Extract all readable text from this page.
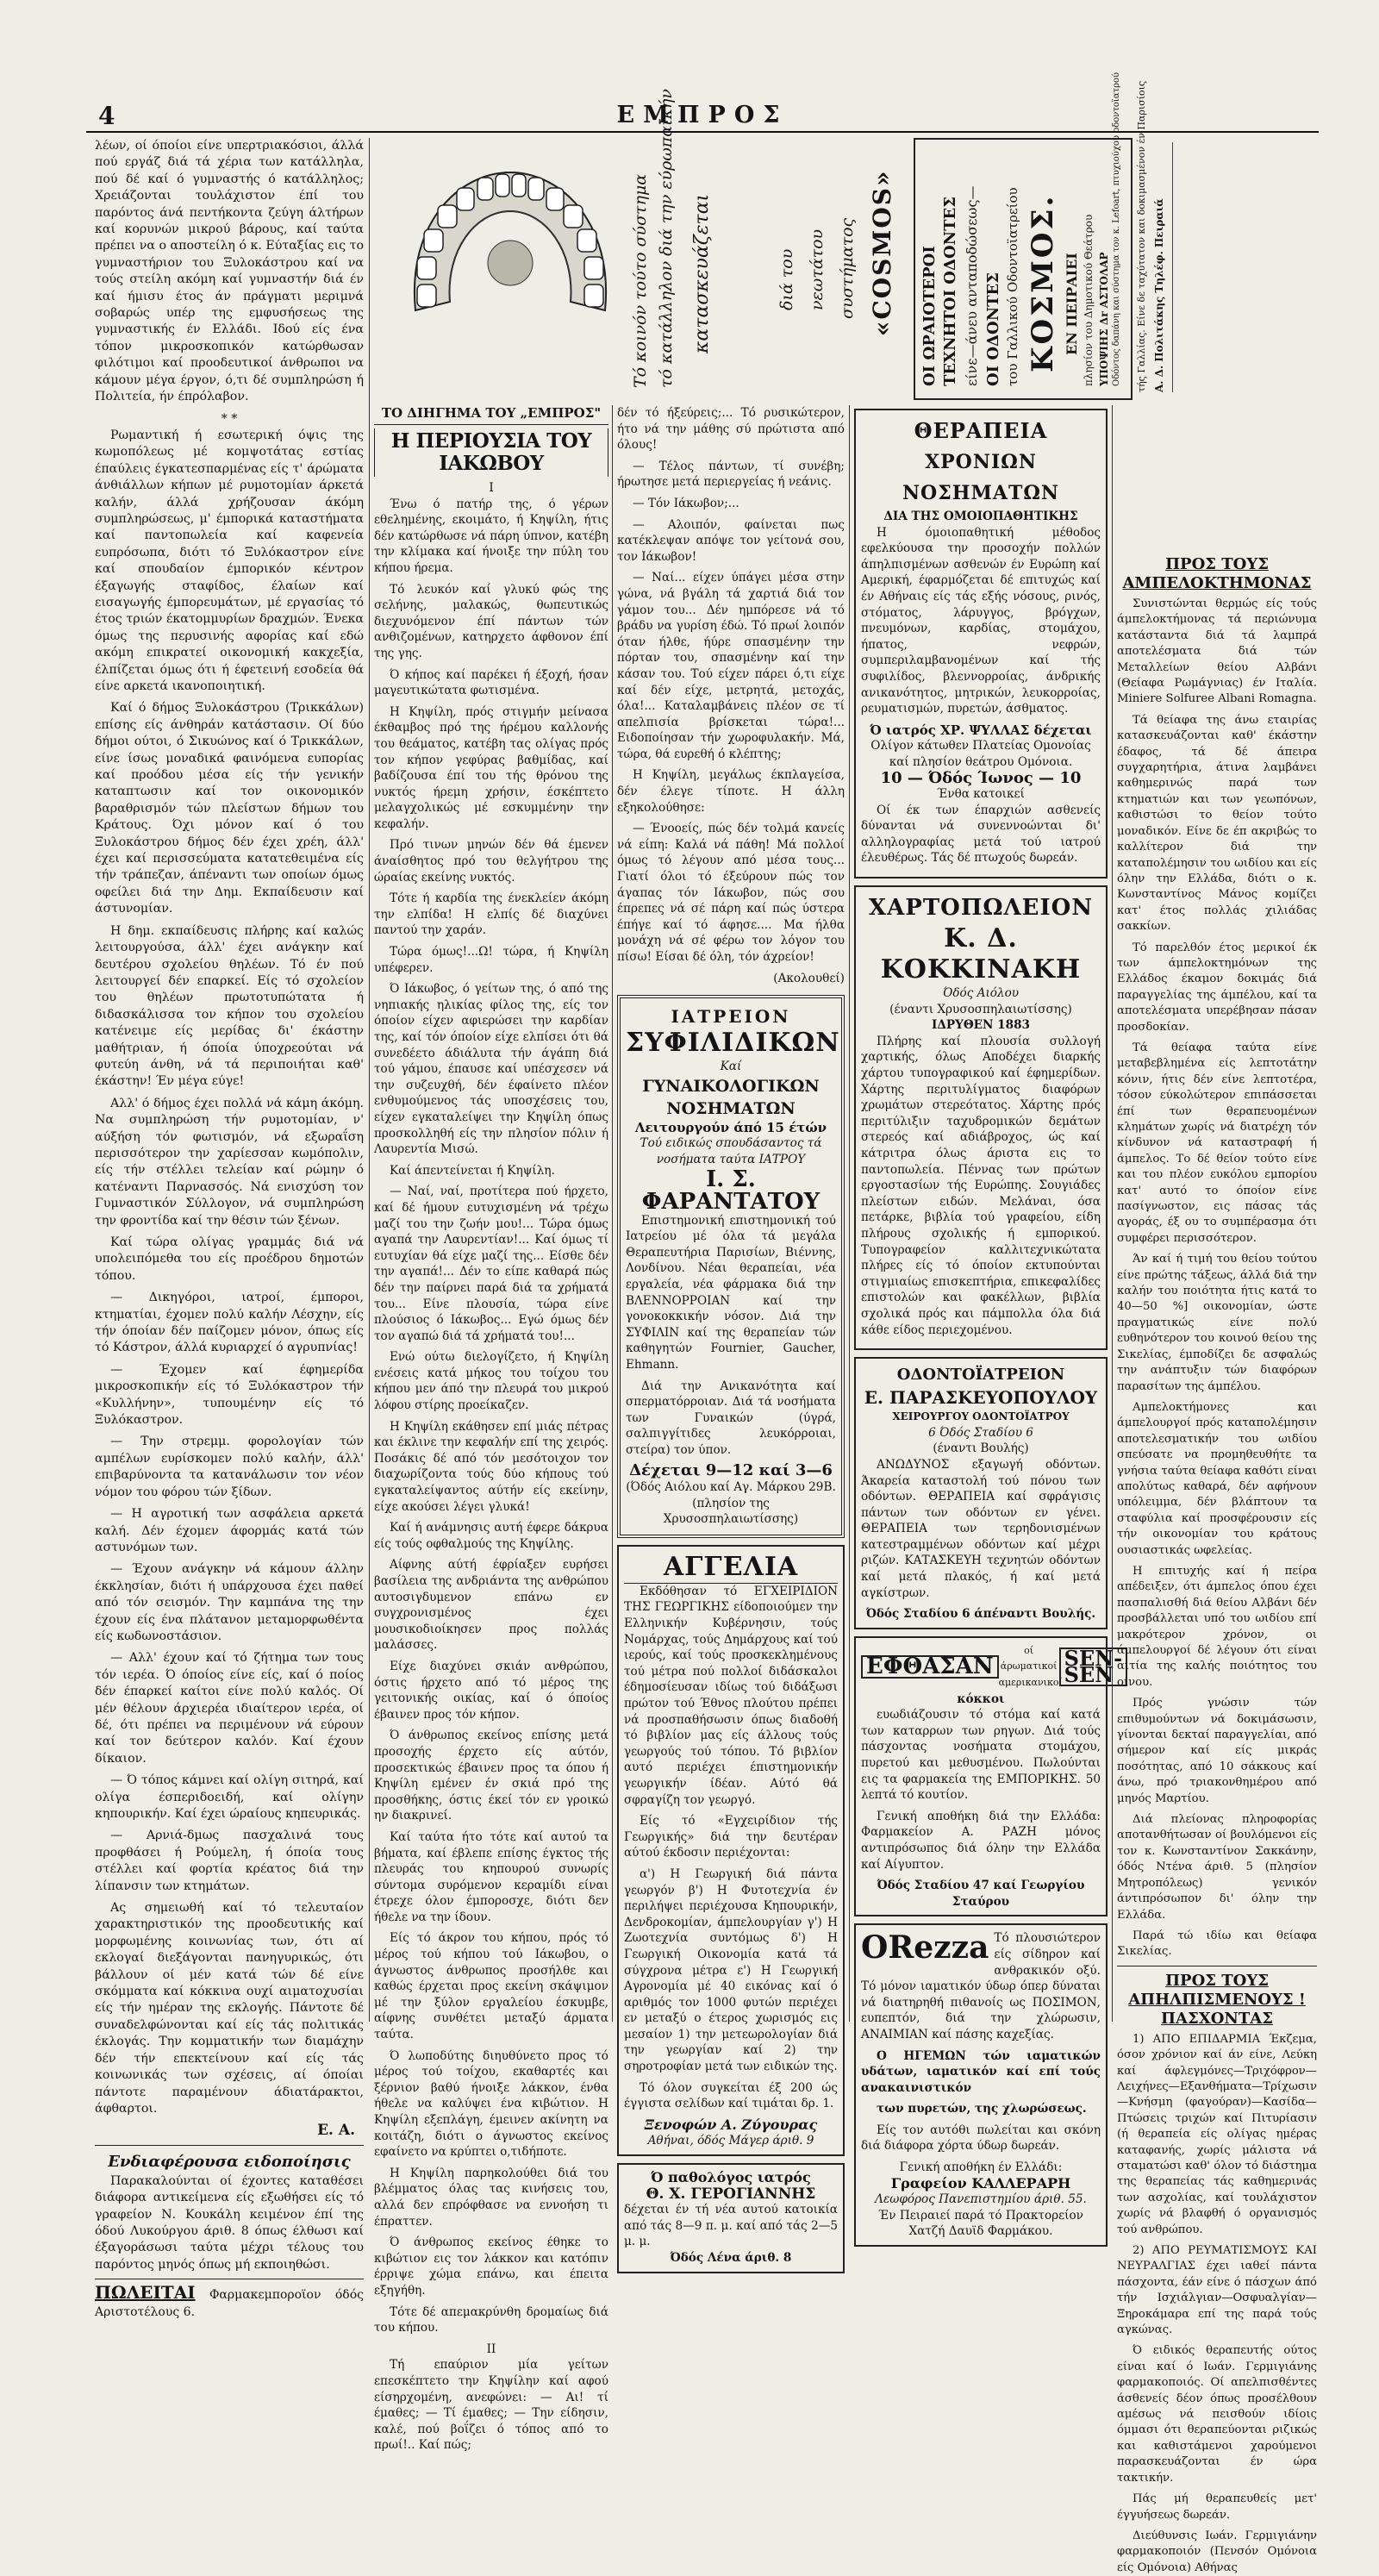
4	ΕΜΠΡΟΣ

λέων, οί όποίοι είνε υπερτριακόσιοι, άλλά πού εργάζ διά τά χέρια των κατάλληλα, πού δέ καί ό γυμναστής ό κατάλληλος; Χρειάζονται τουλάχιστον έπί του παρόντος άνά πεντήκοντα ζεύγη άλτήρων καί κορυνών μικρού βάρους, καί ταύτα πρέπει να ο αποστείλη ό κ. Εύταξίας εις το γυμναστήριον του Ξυλοκάστρου καί να τούς στείλη ακόμη καί γυμναστήν διά έν καί ήμισυ έτος άν πράγματι μεριμνά σοβαρώς υπέρ της εμφυσήσεως της γυμναστικής έν Ελλάδι. Ιδού είς ένα τόπον μικροσκοπικόν κατώρθωσαν φιλότιμοι καί προοδευτικοί άνθρωποι να κάμουν μέγα έργον, ό,τι δέ συμπληρώση ή Πολιτεία, ήν έπρόλαβον.

* *

Ρωμαντική ή εσωτερική όψις της κωμοπόλεως μέ κομψοτάτας εστίας έπαύλεις έγκατεσπαρμένας είς τ' άρώματα άνθιάλλων κήπων μέ ρυμοτομίαν άρκετά καλήν, άλλά χρήζουσαν άκόμη συμπληρώσεως, μ' έμπορικά καταστήματα καί παντοπωλεία καί καφενεία ευπρόσωπα, διότι τό Ξυλόκαστρον είνε καί σπουδαίον έμπορικόν κέντρον έξαγωγής σταφίδος, έλαίων καί εισαγωγής έμπορευμάτων, μέ εργασίας τό έτος τριών έκατομμυρίων δραχμών. Ένεκα όμως της περυσινής αφορίας καί εδώ ακόμη επικρατεί οικονομική κακχεξία, έλπίζεται όμως ότι ή έφετεινή εσοδεία θά είνε αρκετά ικανοποιητική.

Καί ό δήμος Ξυλοκάστρου (Τρικκάλων) επίσης είς άνθηράν κατάστασιν. Οί δύο δήμοι ούτοι, ό Σικυώνος καί ό Τρικκάλων, είνε ίσως μοναδικά φαινόμενα ευπορίας καί προόδου μέσα είς τήν γενικήν καταπτωσιν καί τον οικονομικόν βαραθρισμόν τών πλείστων δήμων του Κράτους. Όχι μόνον καί ό του Ξυλοκάστρου δήμος δέν έχει χρέη, άλλ' έχει καί περισσεύματα κατατεθειμένα είς τήν τράπεζαν, άπέναντι των οποίων όμως οφείλει διά την Δημ. Εκπαίδευσιν καί άστυνομίαν.

Η δημ. εκπαίδευσις πλήρης καί καλώς λειτουργούσα, άλλ' έχει ανάγκην καί δευτέρου σχολείου θηλέων. Τό έν πού λειτουργεί δέν επαρκεί. Είς τό σχολείον του θηλέων πρωτοτυπώτατα ή διδασκάλισσα τον κήπον του σχολείου κατένειμε είς μερίδας δι' έκάστην μαθήτριαν, ή όποία ύποχρεούται νά φυτεύη άνθη, νά τά περιποιήται καθ' έκάστην! Έν μέγα εύγε!

Αλλ' ό δήμος έχει πολλά νά κάμη άκόμη. Να συμπληρώση τήν ρυμοτομίαν, ν' αύξήση τόν φωτισμόν, νά εξωραΐση περισσότερον την χαρίεσσαν κωμόπολιν, είς τήν στέλλει τελείαν καί ρώμην ό κατέναντι Παρνασσός. Νά ενισχύση τον Γυμναστικόν Σύλλογον, νά συμπληρώση την φροντίδα καί την θέσιν τών ξένων.

Καί τώρα ολίγας γραμμάς διά νά υπολειπόμεθα του είς προέδρου δημοτών τόπου.

— Δικηγόροι, ιατροί, έμποροι, κτηματίαι, έχομεν πολύ καλήν Λέσχην, είς τήν όποίαν δέν παίζομεν μόνον, όπως είς τό Κάστρον, άλλά κυριαρχεί ό αγρυπνίας!

— Έχομεν καί έφημερίδα μικροσκοπικήν είς τό Ξυλόκαστρον τήν «Κυλλήνην», τυπουμένην είς τό Ξυλόκαστρον.

— Την στρεμμ. φορολογίαν τών αμπέλων ευρίσκομεν πολύ καλήν, άλλ' επιβαρύνοντα τα κατανάλωσιν τον νέον νόμον του φόρου τών ξίδων.

— Η αγροτική των ασφάλεια αρκετά καλή. Δέν έχομεν άφορμάς κατά τών αστυνόμων των.

— Έχουν ανάγκην νά κάμουν άλλην έκκλησίαν, διότι ή υπάρχουσα έχει παθεί από τόν σεισμόν. Την καμπάνα της την έχουν είς ένα πλάτανον μεταμορφωθέντα είς κωδωνοστάσιον.

— Αλλ' έχουν καί τό ζήτημα των τους τόν ιερέα. Ό όποίος είνε είς, καί ό ποίος δέν έπαρκεί καίτοι είνε πολύ καλός. Οί μέν θέλουν άρχιερέα ιδιαίτερον ιερέα, οί δέ, ότι πρέπει να περιμένουν νά εύρουν καί τον δεύτερον καλόν. Καί έχουν δίκαιον.

— Ό τόπος κάμνει καί ολίγη σιτηρά, καί ολίγα έσπεριδοειδή, καί ολίγην κηπουρικήν. Καί έχει ώραίους κηπευρικάς.

— Αρνιά-δμως πασχαλινά τους προφθάσει ή Ρούμελη, ή όποία τους στέλλει καί φορτία κρέατος διά την λίπανσιν των κτημάτων.

Ας σημειωθή καί τό τελευταίον χαρακτηριστικόν της προοδευτικής καί μορφωμένης κοινωνίας των, ότι αί εκλογαί διεξάγονται πανηγυρικώς, ότι βάλλουν οί μέν κατά τών δέ είνε σκόμματα καί κόκκινα ουχί αιματοχυσίαι είς τήν ημέραν της εκλογής. Πάντοτε δέ συναδελφώνονται καί είς τάς πολιτικάς έκλογάς. Την κομματικήν των διαμάχην δέν τήν επεκτείνουν καί είς τάς κοινωνικάς των σχέσεις, αί όποίαι πάντοτε παραμένουν άδιατάρακτοι, άφθαρτοι.

Ε. Α.
Ενδιαφέρουσα ειδοποίησις

Παρακαλούνται οί έχοντες καταθέσει διάφορα αντικείμενα είς εξωθήσει είς τό γραφείον Ν. Κουκάλη κειμένον έπί της όδού Λυκούργου άριθ. 8 όπως έλθωσι καί έξαγοράσωσι ταύτα μέχρι τέλους του παρόντος μηνός όπως μή εκποιηθώσι.

ΠΩΛΕΙΤΑΙ Φαρμακεμποροϊον όδός Αριστοτέλους 6.
Τό κοινόν τούτο σύστημα τό κατάλληλον διά την εύρωπαϊκήν κατασκευάζεται	διά του νεωτάτου συστήματος «COSMOS» ΟΙ ΩΡΑΙΟΤΕΡΟΙ ΤΕΧΝΗΤΟΙ ΟΔΟΝΤΕΣ είνε—άνευ ανταποδώσεως— ΟΙ ΟΔΟΝΤΕΣ του Γαλλικού Οδοντοϊατρείου ΚΟΣΜΟΣ. ΕΝ ΠΕΙΡΑΙΕΙ πλησίον του Δημοτικού Θεάτρου ΥΠΟΨΙΗΣ Δr ΑΣΤΟΛΑΡ Οδόντος δαπάνη και σύστημα τον κ. Lefoart, πτυχιούχου οδοντοϊατρού τής Γαλλίας. Είνε δε ταχύτατον και δοκιμασμένον έν Παρισίοις Α. Δ. Πολιτάκης Τηλέφ. Πειραιά
ΤΟ ΔΙΗΓΗΜΑ ΤΟΥ „ΕΜΠΡΟΣ"
Η ΠΕΡΙΟΥΣΙΑ ΤΟΥ ΙΑΚΩΒΟΥ
Ι

Ένω ό πατήρ της, ό γέρων εθελημένης, εκοιμάτο, ή Κηψίλη, ήτις δέν κατώρθωσε νά πάρη ύπνον, κατέβη την κλίμακα καί ήνοιξε την πύλη του κήπου ήρεμα.

Τό λευκόν καί γλυκύ φώς της σελήνης, μαλακώς, θωπευτικώς διεχυνόμενον έπί πάντων τών ανθιζομένων, κατηρχετο άφθονον έπί της γης.

Ό κήπος καί παρέκει ή έξοχή, ήσαν μαγευτικώτατα φωτισμένα.

Η Κηψίλη, πρός στιγμήν μείνασα έκθαμβος πρό της ήρέμου καλλονής του θεάματος, κατέβη τας ολίγας πρός τον κήπον γεφύρας βαθμίδας, καί βαδίζουσα έπί του τής θρόνου της νυκτός ήρεμη χρήσιν, έσκέπτετο μελαγχολικώς μέ εσκυμμένην την κεφαλήν.

Πρό τινων μηνών δέν θά έμενεν άναίσθητος πρό του θελγήτρου της ώραίας εκείνης νυκτός.

Τότε ή καρδία της ένεκλείεν άκόμη την ελπίδα! Η ελπίς δέ διαχύνει παντού την χαράν.

Τώρα όμως!...Ω! τώρα, ή Κηψίλη υπέφερεν.

Ό Ιάκωβος, ό γείτων της, ό από της νηπιακής ηλικίας φίλος της, είς τον όποίον είχεν αφιερώσει την καρδίαν της, καί τόν όποίον είχε ελπίσει ότι θά συνεδέετο άδιάλυτα τήν άγάπη διά τού γάμου, έπαυσε καί υπέσχεσεν νά την συζευχθή, δέν έφαίνετο πλέον ενθυμούμενος τάς υποσχέσεις του, είχεν εγκαταλείψει την Κηψίλη όπως προσκολληθή είς την πλησίον πόλιν ή Λαυρεντία Μισώ.

Καί άπεντείνεται ή Κηψίλη.

— Ναί, ναί, προτίτερα πού ήρχετο, καί δέ ήμουν ευτυχισμένη νά τρέχω μαζί του την ζωήν μου!... Τώρα όμως αγαπά την Λαυρεντίαν!... Καί όμως τί ευτυχίαν θά είχε μαζί της... Είσθε δέν την αγαπά!... Δέν το είπε καθαρά πώς δέν την παίρνει παρά διά τα χρήματά του... Είνε πλουσία, τώρα είνε πλούσιος ό Ιάκωβος... Εγώ όμως δέν τον αγαπώ διά τά χρήματά του!...

Ενώ ούτω διελογίζετο, ή Κηψίλη ενέσεις κατά μήκος του τοίχου του κήπου μεν άπό την πλευρά του μικρού λόφου στίρης προείκαζεν.

Η Κηψίλη εκάθησεν επί μιάς πέτρας και έκλινε την κεφαλήν επί της χειρός. Ποσάκις δέ από τόν μεσότοιχον τον διαχωρίζοντα τούς δύο κήπους τού εγκαταλείψαντος αύτήν είς εκείνην, είχε ακούσει λέγει γλυκά!

Καί ή ανάμνησις αυτή έφερε δάκρυα είς τούς οφθαλμούς της Κηψίλης.

Αίφνης αύτή έφρίαξεν ευρήσει βασίλεια της ανδριάντα της ανθρώπου αυτοσιγδυμενον επάνω εν συγχρονισμένος έχει μουσικοδιοίκησεν προς πολλάς μαλάσσες.

Είχε διαχύνει σκιάν ανθρώπου, όστις ήρχετο από τό μέρος της γειτονικής οικίας, καί ό όποίος έβαινεν προς τόν κήπον.

Ό άνθρωπος εκείνος επίσης μετά προσοχής έρχετο είς αύτόν, προσεκτικώς έβαινεν προς τα όπου ή Κηψίλη εμένεν έν σκιά πρό της προσθήκης, όστις έκεί τόν εν γροικώ ην διακρινεί.

Καί ταύτα ήτο τότε καί αυτού τα βήματα, καί έβλεπε επίσης έγκτος τής πλευράς του κηπουρού συνωρίς σύντομα συρόμενον κεραμίδι είναι έτρεχε όλον έμποροσχε, διότι δεν ήθελε να την ίδουν.

Είς τό άκρον του κήπου, πρός τό μέρος τού κήπου τού Ιάκωβου, ο άγνωστος άνθρωπος προσήλθε και καθώς έρχεται προς εκείνη σκάψιμον μέ την ξύλον εργαλείου έσκυμβε, αίφνης συνθέτει μεταξύ άρματα ταύτα.

Ό λωποδύτης διηυθύνετο προς τό μέρος τού τοίχου, εκαθαρτές και ξέρνιον βαθύ ήνοιξε λάκκον, ένθα ήθελε να καλύψει ένα κιβώτιον. Η Κηψίλη εξεπλάγη, έμεινεν ακίνητη να κοιτάζη, διότι ο άγνωστος εκείνος εφαίνετο να κρύπτει ο,τιδήποτε.

Η Κηψίλη παρηκολούθει διά του βλέμματος όλας τας κινήσεις του, αλλά δεν επρόφθασε να εννοήση τι έπραττεν.

Ό άνθρωπος εκείνος έθηκε το κιβώτιον εις τον λάκκον και κατόπιν έρριψε χώμα επάνω, και έπειτα εξηγήθη.

Τότε δέ απεμακρύνθη δρομαίως διά του κήπου.

ΙΙ

Τή επαύριον μία γείτων επεσκέπτετο την Κηψίλην καί αφού είσηρχομένη, ανεφώνει: — Αι! τί έμαθες; — Τί έμαθες; — Την είδησιν, καλέ, πού βοΐζει ό τόπος από το πρωί!.. Καί πώς;

δέν τό ήξεύρεις;... Τό ρυσικώτερον, ήτο νά την μάθης σύ πρώτιστα από όλους!

— Τέλος πάντων, τί συνέβη; ήρωτησε μετά περιεργείας ή νεάνις.

— Τόν Ιάκωβον;...

— Αλοιπόν, φαίνεται πως κατέκλεψαν απόψε τον γείτονά σου, τον Ιάκωβον!

— Ναί... είχεν ύπάγει μέσα στην γώνα, νά βγάλη τά χαρτιά διά τον γάμον του... Δέν ημπόρεσε νά τό βράδυ να γυρίση έδώ. Τό πρωί λοιπόν όταν ήλθε, ήύρε σπασμένην την πόρταν του, σπασμένην καί την κάσαν του. Τού είχεν πάρει ό,τι είχε καί δέν είχε, μετρητά, μετοχάς, όλα!... Καταλαμβάνεις πλέον σε τί απελπισία βρίσκεται τώρα!... Ειδοποίησαν τήν χωροφυλακήν. Μά, τώρα, θά ευρεθή ό κλέπτης;

Η Κηψίλη, μεγάλως έκπλαγείσα, δέν έλεγε τίποτε. Η άλλη εξηκολούθησε:

— Ένοοείς, πώς δέν τολμά κανείς νά είπη: Καλά νά πάθη! Μά πολλοί όμως τό λέγουν από μέσα τους... Γιατί όλοι τό έξεύρουν πώς τον άγαπας τόν Ιάκωβον, πώς σου έπρεπες νά σέ πάρη καί πώς ύστερα έπήγε καί τό άφησε.... Μα ήλθα μονάχη νά σέ φέρω τον λόγον του πίσω! Είσαι δέ όλη, τόν άχρείον!

(Ακολουθεί)
ΙΑΤΡΕΙΟΝ
ΣΥΦΙΛΙΔΙΚΩΝ
Καί
ΓΥΝΑΙΚΟΛΟΓΙΚΩΝ ΝΟΣΗΜΑΤΩΝ
Λειτουργούν άπό 15 έτών
Τού ειδικώς σπουδάσαντος τά νοσήματα ταύτα ΙΑΤΡΟΥ
Ι. Σ. ΦΑΡΑΝΤΑΤΟΥ

Επιστημονική επιστημονική τού Ιατρείου μέ όλα τά μεγάλα Θεραπευτήρια Παρισίων, Βιέννης, Λονδίνου. Νέαι θεραπείαι, νέα εργαλεία, νέα φάρμακα διά την ΒΛΕΝΝΟΡΡΟΙΑΝ καί την γονοκοκκικήν νόσον. Διά την ΣΥΦΙΛΙΝ καί της θεραπείαν τών καθηγητών Fournier, Gaucher, Ehmann.

Διά την Ανικανότητα καί σπερματόρροιαν. Διά τά νοσήματα των Γυναικών (ύγρά, σαλπιγγίτιδες λευκόρροιαι, στείρα) τον ύπον.

Δέχεται 9—12 καί 3—6
(Όδός Αιόλου καί Αγ. Μάρκου 29Β. (πλησίον της Χρυσοσπηλαιωτίσσης)
ΑΓΓΕΛΙΑ

Εκδόθησαν τό ΕΓΧΕΙΡΙΔΙΟΝ ΤΗΣ ΓΕΩΡΓΙΚΗΣ είδοποιούμεν την Ελληνικήν Κυβέρνησιν, τούς Νομάρχας, τούς Δημάρχους καί τού ιερούς, καί τούς προσκεκλημένους τού μέτρα πού πολλοί διδάσκαλοι έδημοσίευσαν ιδίως τού διδάξωσι πρώτον τού Έθνος πλούτου πρέπει νά προσπαθήσωσιν όπως διαδοθή τό βιβλίον μας είς άλλους τούς γεωργούς τού τόπου. Τό βιβλίον αυτό περιέχει έπιστημονικήν γεωργικήν ίδέαν. Αύτό θά σφραγίζη τον γεωργό.

Είς τό «Εγχειρίδιον τής Γεωργικής» διά την δευτέραν αύτού έκδοσιν περιέχονται:

α') Η Γεωργική διά πάντα γεωργόν β') Η Φυτοτεχνία έν περιλήψει περιέχουσα Κηπουρικήν, Δενδροκομίαν, άμπελουργίαν γ') Η Ζωοτεχνία συντόμως δ') Η Γεωργική Οικονομία κατά τά σύγχρονα μέτρα ε') Η Γεωργική Αγρονομία μέ 40 εικόνας καί ό αριθμός τον 1000 φυτών περιέχει εν μεταξύ ο έτερος χωρισμός εις μεσαίον 1) την μετεωρολογίαν διά την γεωργίαν καί 2) την σηροτροφίαν μετά των ειδικών της.

Τό όλον συγκείται έξ 200 ώς έγγιστα σελίδων καί τιμάται δρ. 1.

Ξενοφών Α. Ζύγουρας
Αθήναι, όδός Μάγερ άριθ. 9
Ό παθολόγος ιατρός
Θ. Χ. ΓΕΡΟΓΙΑΝΝΗΣ
δέχεται έν τή νέα αυτού κατοικία από τάς 8—9 π. μ. καί από τάς 2—5 μ. μ.
Όδός Λένα άριθ. 8
ΘΕΡΑΠΕΙΑ
ΧΡΟΝΙΩΝ ΝΟΣΗΜΑΤΩΝ
ΔΙΑ ΤΗΣ ΟΜΟΙΟΠΑΘΗΤΙΚΗΣ

Η όμοιοπαθητική μέθοδος εφελκύουσα την προσοχήν πολλών άπηλπισμένων ασθενών έν Ευρώπη καί Αμερική, έφαρμόζεται δέ επιτυχώς καί έν Αθήναις είς τάς εξής νόσους, ρινός, στόματος, λάρυγγος, βρόγχων, πνευμόνων, καρδίας, στομάχου, ήπατος, νεφρών, συμπεριλαμβανομένων καί τής συφιλίδος, βλεννορροίας, άνδρικής ανικανότητος, μητρικών, λευκορροίας, ρευματισμών, πυρετών, άσθματος.

Ό ιατρός ΧΡ. ΨΥΛΛΑΣ δέχεται
Ολίγον κάτωθεν Πλατείας Ομονοίας καί πλησίον θεάτρου Ομόνοια.
10 — Όδός Ίωνος — 10
Ένθα κατοικεί

Οί έκ των έπαρχιών ασθενείς δύνανται νά συνεννοώνται δι' αλληλογραφίας μετά τού ιατρού έλευθέρως. Τάς δέ πτωχούς δωρεάν.

ΧΑΡΤΟΠΩΛΕΙΟΝ
Κ. Δ. ΚΟΚΚΙΝΑΚΗ
Όδός Αιόλου
(έναντι Χρυσοσπηλαιωτίσσης)
ΙΔΡΥΘΕΝ 1883

Πλήρης καί πλουσία συλλογή χαρτικής, όλως Αποδέχει διαρκής χάρτου τυπογραφικού καί έφημερίδων. Χάρτης περιτυλίγματος διαφόρων χρωμάτων στερεότατος. Χάρτης πρός περιτύλιξιν ταχυδρομικών δεμάτων στερεός καί αδιάβροχος, ώς καί κάτριτρα όλως άριστα εις το παντοπωλεία. Πέννας των πρώτων εργοστασίων τής Ευρώπης. Σουγιάδες πλείστων ειδών. Μελάναι, όσα πετάρκε, βιβλία τού γραφείου, είδη πλήρους σχολικής ή εμπορικού. Τυπογραφείον καλλιτεχνικώτατα πλήρες είς τό όποίον εκτυπούνται στιγμιαίως επισκεπτήρια, επικεφαλίδες επιστολών και φακέλλων, βιβλία σχολικά πρός και πάμπολλα όλα διά κάθε είδος περιεχομένου.

ΟΔΟΝΤΟΪΑΤΡΕΙΟΝ
Ε. ΠΑΡΑΣΚΕΥΟΠΟΥΛΟΥ
ΧΕΙΡΟΥΡΓΟΥ ΟΔΟΝΤΟΪΑΤΡΟΥ
6 Όδός Σταδίου 6
(έναντι Βουλής)

ΑΝΩΔΥΝΟΣ εξαγωγή οδόντων. Άκαρεία καταστολή τού πόνου των οδόντων. ΘΕΡΑΠΕΙΑ καί σφράγισις πάντων των οδόντων εν γένει. ΘΕΡΑΠΕΙΑ των τερηδονισμένων κατεστραμμένων οδόντων καί μέχρι ριζών. ΚΑΤΑΣΚΕΥΗ τεχνητών οδόντων καί μετά πλακός, ή καί μετά αγκίστρων.

Όδός Σταδίου 6 άπέναντι Βουλής.
ΕΦΘΑΣΑΝ
οί άρωματικοί αμερικανικοί
SEN-SEN
κόκκοι

ευωδιάζουσιν τό στόμα καί κατά των καταρρων των ρηγων. Διά τούς πάσχοντας νοσήματα στομάχου, πυρετού και μεθυσμένου. Πωλούνται εις τα φαρμακεία της ΕΜΠΟΡΙΚΗΣ. 50 λεπτά τό κουτίον.

Γενική αποθήκη διά την Ελλάδα: Φαρμακείον Α. ΡΑΖΗ μόνος αντιπρόσωπος διά όλην την Ελλάδα καί Αίγυπτον.

Όδός Σταδίου 47 καί Γεωργίου Σταύρου
ORezza Τό πλουσιώτερον είς σίδηρον καί ανθρακικόν οξύ. Τό μόνον ιαματικόν ύδωρ όπερ δύναται νά διατηρηθή πιθανοίς ως ΠΟΣΙΜΟΝ, ευπεπτόν, διά την χλώρωσιν, ΑΝΑΙΜΙΑΝ καί πάσης καχεξίας.

Ο ΗΓΕΜΩΝ τών ιαματικών υδάτων, ιαματικόν καί επί τούς ανακαινιστικόν

των πυρετών, της χλωρώσεως.

Είς τον αυτόθι πωλείται και σκόνη διά διάφορα χόρτα ύδωρ δωρεάν.

Γενική αποθήκη έν Ελλάδι:
Γραφείον ΚΑΛΛΕΡΑΡΗ
Λεωφόρος Πανεπιστημίου άριθ. 55.
Έν Πειραιεί παρά τό Πρακτορείον Χατζή Δαυϊδ Φαρμάκου.
ΠΡΟΣ ΤΟΥΣ ΑΜΠΕΛΟΚΤΗΜΟΝΑΣ

Συνιστώνται θερμώς είς τούς άμπελοκτήμονας τά περιώνυμα κατάσταντα διά τά λαμπρά αποτελέσματα διά τών Μεταλλείων θείου Αλβάνι (Θείαφα Ρωμάγνιας) έν Ιταλία. Miniere Solfuree Albani Romagna.

Τά θείαφα της άνω εταιρίας κατασκευάζονται καθ' έκάστην έδαφος, τά δέ άπειρα συγχαρητήρια, άτινα λαμβάνει καθημερινώς παρά των κτηματιών και των γεωπόνων, καθιστώσι το θείον τούτο μοναδικόν. Είνε δε έπ ακριβώς το καλλίτερον διά την καταπολέμησιν του ωιδίου και είς όλην την Ελλάδα, διότι ο κ. Κωνσταντίνος Μάνος κομίζει κατ' έτος πολλάς χιλιάδας σακκίων.

Τό παρελθόν έτος μερικοί έκ των άμπελοκτημόνων της Ελλάδος έκαμον δοκιμάς διά παραγγελίας της άμπέλου, καί τα αποτελέσματα υπερέβησαν πάσαν προσδοκίαν.

Τά θείαφα ταύτα είνε μεταβεβλημένα είς λεπτοτάτην κόνιν, ήτις δέν είνε λεπτοτέρα, τόσον εύκολώτερον επιπάσσεται έπί των θεραπευομένων κλημάτων χωρίς νά διατρέχη τόν κίνδυνον νά καταστραφή ή άμπελος. Το δέ θείον τούτο είνε και του πλέον ευκόλου εμπορίου κατ' αυτό το όποίον είνε πασίγνωστον, εις πάσας τάς αγοράς, έξ ου το συμπέρασμα ότι συμφέρει περισσότερον.

Άν καί ή τιμή του θείου τούτου είνε πρώτης τάξεως, άλλά διά την καλήν του ποιότητα ήτις κατά το 40—50 %] οικονομίαν, ώστε πραγματικώς είνε πολύ ευθηνότερον του κοινού θείου της Σικελίας, έμποδίζει δε ασφαλώς την ανάπτυξιν τών διαφόρων παρασίτων της άμπέλου.

Αμπελοκτήμονες και άμπελουργοί πρός καταπολέμησιν αποτελεσματικήν του ωιδίου σπεύσατε να προμηθευθήτε τα γνήσια ταύτα θείαφα καθότι είναι απολύτως καθαρά, δέν αφήνουν υπόλειμμα, δέν βλάπτουν τα σταφύλια καί προσφέρουσιν είς τήν οικονομίαν του κράτους ουσιαστικάς ωφελείας.

Η επιτυχής καί ή πείρα απέδειξεν, ότι άμπελος όπου έχει πασπαλισθή διά θείου Αλβάνι δέν προσβάλλεται υπό του ωιδίου επί μακρότερον χρόνον, οι άμπελουργοί δέ λέγουν ότι είναι αιτία της καλής ποιότητος του οίνου.

Πρός γνώσιν τών επιθυμούντων νά δοκιμάσωσιν, γίνονται δεκταί παραγγελίαι, από σήμερον καί είς μικράς ποσότητας, από 10 σάκκους καί άνω, πρό τριακονθημέρου από μηνός Μαρτίου.

Διά πλείονας πληροφορίας αποτανθήτωσαν οί βουλόμενοι είς τον κ. Κωνσταντίνον Σακκάνην, όδός Ντένα άριθ. 5 (πλησίον Μητροπόλεως) γενικόν άντιπρόσωπον δι' όλην την Ελλάδα.

Παρά τώ ιδίω και θείαφα Σικελίας.

ΠΡΟΣ ΤΟΥΣ ΑΠΗΛΠΙΣΜΕΝΟΥΣ ! ΠΑΣΧΟΝΤΑΣ

1) ΑΠΟ ΕΠΙΔΑΡΜΙΑ Έκζεμα, όσον χρόνιον καί άν είνε, Λεύκη καί άφλεγμόνες—Τριχόφρον—Λειχήνες—Εξανθήματα—Τρίχωσιν—Κνήσμη (φαγούραν)—Κασίδα—Πτώσεις τριχών καί Πιτυρίασιν (ή θεραπεία είς ολίγας ημέρας καταφανής, χωρίς μάλιστα νά σταματώσι καθ' όλον τό διάστημα της θεραπείας τάς καθημερινάς των ασχολίας, καί τουλάχιστον χωρίς νά βλαφθή ό οργανισμός τού ανθρώπου.

2) ΑΠΟ ΡΕΥΜΑΤΙΣΜΟΥΣ ΚΑΙ ΝΕΥΡΑΛΓΙΑΣ έχει ιαθεί πάντα πάσχοντα, έάν είνε ό πάσχων άπό τήν Ισχιάλγιαν—Οσφυαλγίαν—Ξηροκάμαρα επί της παρά τούς αγκώνας.

Ό ειδικός θεραπευτής ούτος είναι καί ό Ιωάν. Γερμιγιάνης φαρμακοποιός. Οί απελπισθέντες άσθενείς δέον όπως προσέλθουν αμέσως νά πεισθούν ιδίοις όμμασι ότι θεραπεύονται ριζικώς και καθιστάμενοι χαρούμενοι παρασκευάζονται έν ώρα τακτικήν.

Πάς μή θεραπευθείς μετ' έγγυήσεως δωρεάν.

Διεύθυνσις Ιωάν. Γερμιγιάνην φαρμακοποιόν (Πενσόν Ομόνοια είς Ομόνοια) Αθήνας
